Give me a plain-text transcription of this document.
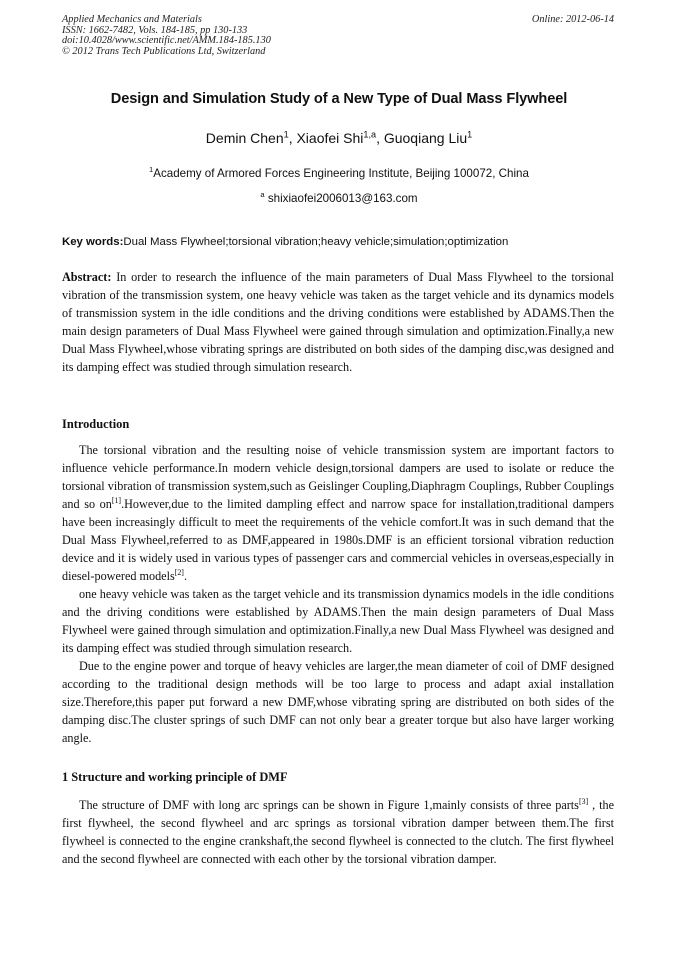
Applied Mechanics and Materials
ISSN: 1662-7482, Vols. 184-185, pp 130-133
doi:10.4028/www.scientific.net/AMM.184-185.130
© 2012 Trans Tech Publications Ltd, Switzerland
Online: 2012-06-14
Design and Simulation Study of a New Type of Dual Mass Flywheel
Demin Chen$^1$, Xiaofei Shi$^{1,a}$, Guoqiang Liu$^1$
$^1$Academy of Armored Forces Engineering Institute, Beijing 100072, China
$^a$ shixiaofei2006013@163.com
Key words:Dual Mass Flywheel;torsional vibration;heavy vehicle;simulation;optimization
Abstract: In order to research the influence of the main parameters of Dual Mass Flywheel to the torsional vibration of the transmission system, one heavy vehicle was taken as the target vehicle and its dynamics models of transmission system in the idle conditions and the driving conditions were established by ADAMS.Then the main design parameters of Dual Mass Flywheel were gained through simulation and optimization.Finally,a new Dual Mass Flywheel,whose vibrating springs are distributed on both sides of the damping disc,was designed and its damping effect was studied through simulation research.
Introduction

The torsional vibration and the resulting noise of vehicle transmission system are important factors to influence vehicle performance.In modern vehicle design,torsional dampers are used to isolate or reduce the torsional vibration of transmission system,such as Geislinger Coupling,Diaphragm Couplings, Rubber Couplings and so on[1].However,due to the limited dampling effect and narrow space for installation,traditional dampers have been increasingly difficult to meet the requirements of the vehicle comfort.It was in such demand that the Dual Mass Flywheel,referred to as DMF,appeared in 1980s.DMF is an efficient torsional vibration reduction device and it is widely used in various types of passenger cars and commercial vehicles in overseas,especially in diesel-powered models[2].

one heavy vehicle was taken as the target vehicle and its transmission dynamics models in the idle conditions and the driving conditions were established by ADAMS.Then the main design parameters of Dual Mass Flywheel were gained through simulation and optimization.Finally,a new Dual Mass Flywheel was designed and its damping effect was studied through simulation research.

Due to the engine power and torque of heavy vehicles are larger,the mean diameter of coil of DMF designed according to the traditional design methods will be too large to process and adapt axial installation size.Therefore,this paper put forward a new DMF,whose vibrating spring are distributed on both sides of the damping disc.The cluster springs of such DMF can not only bear a greater torque but also have larger working angle.

1 Structure and working principle of DMF

The structure of DMF with long arc springs can be shown in Figure 1,mainly consists of three parts[3] , the first flywheel, the second flywheel and arc springs as torsional vibration damper between them.The first flywheel is connected to the engine crankshaft,the second flywheel is connected to the clutch. The first flywheel and the second flywheel are connected with each other by the torsional vibration damper.
